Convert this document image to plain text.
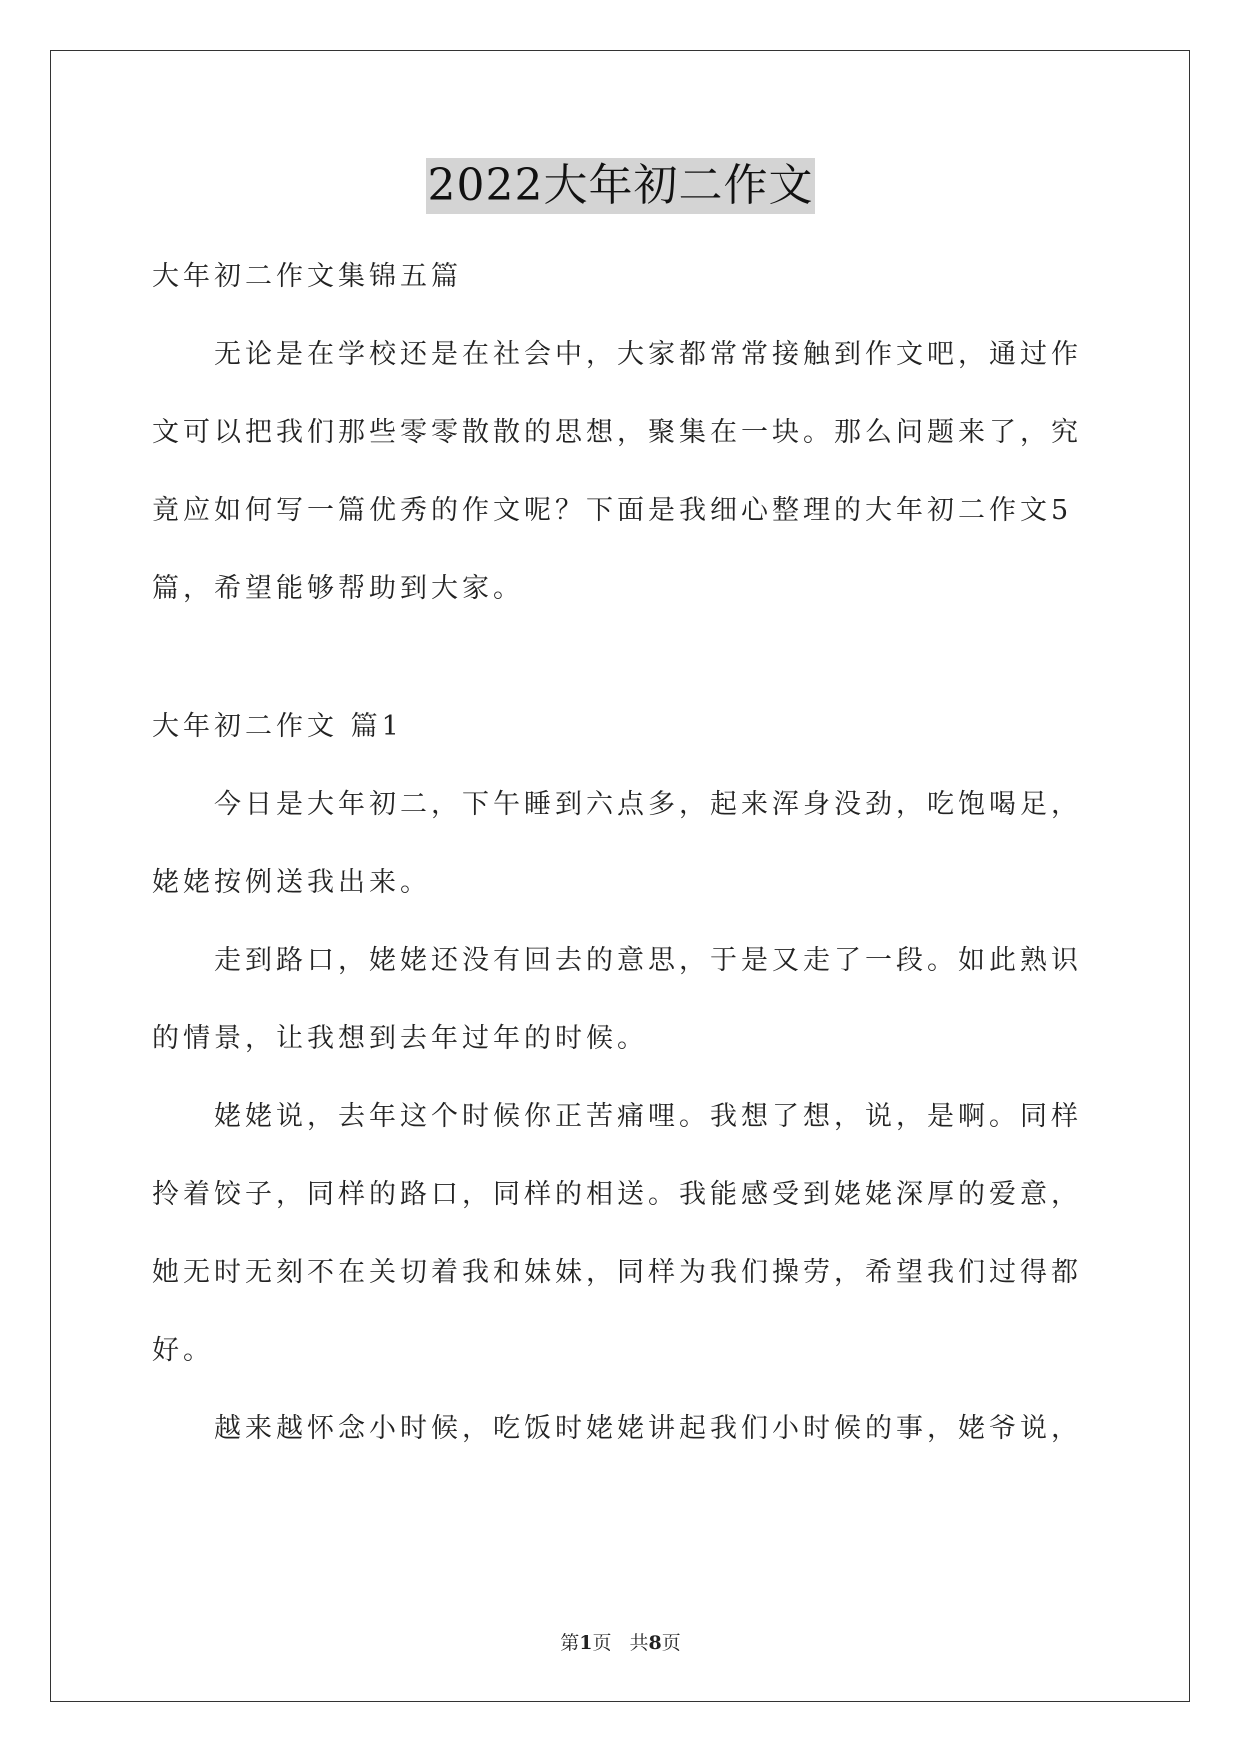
2022大年初二作文

大年初二作文集锦五篇

无论是在学校还是在社会中，大家都常常接触到作文吧，通过作文可以把我们那些零零散散的思想，聚集在一块。那么问题来了，究竟应如何写一篇优秀的作文呢？下面是我细心整理的大年初二作文5篇，希望能够帮助到大家。

大年初二作文 篇1

今日是大年初二，下午睡到六点多，起来浑身没劲，吃饱喝足，姥姥按例送我出来。

走到路口，姥姥还没有回去的意思，于是又走了一段。如此熟识的情景，让我想到去年过年的时候。

姥姥说，去年这个时候你正苦痛哩。我想了想，说，是啊。同样拎着饺子，同样的路口，同样的相送。我能感受到姥姥深厚的爱意，她无时无刻不在关切着我和妹妹，同样为我们操劳，希望我们过得都好。

越来越怀念小时候，吃饭时姥姥讲起我们小时候的事，姥爷说，

第1页 共8页
